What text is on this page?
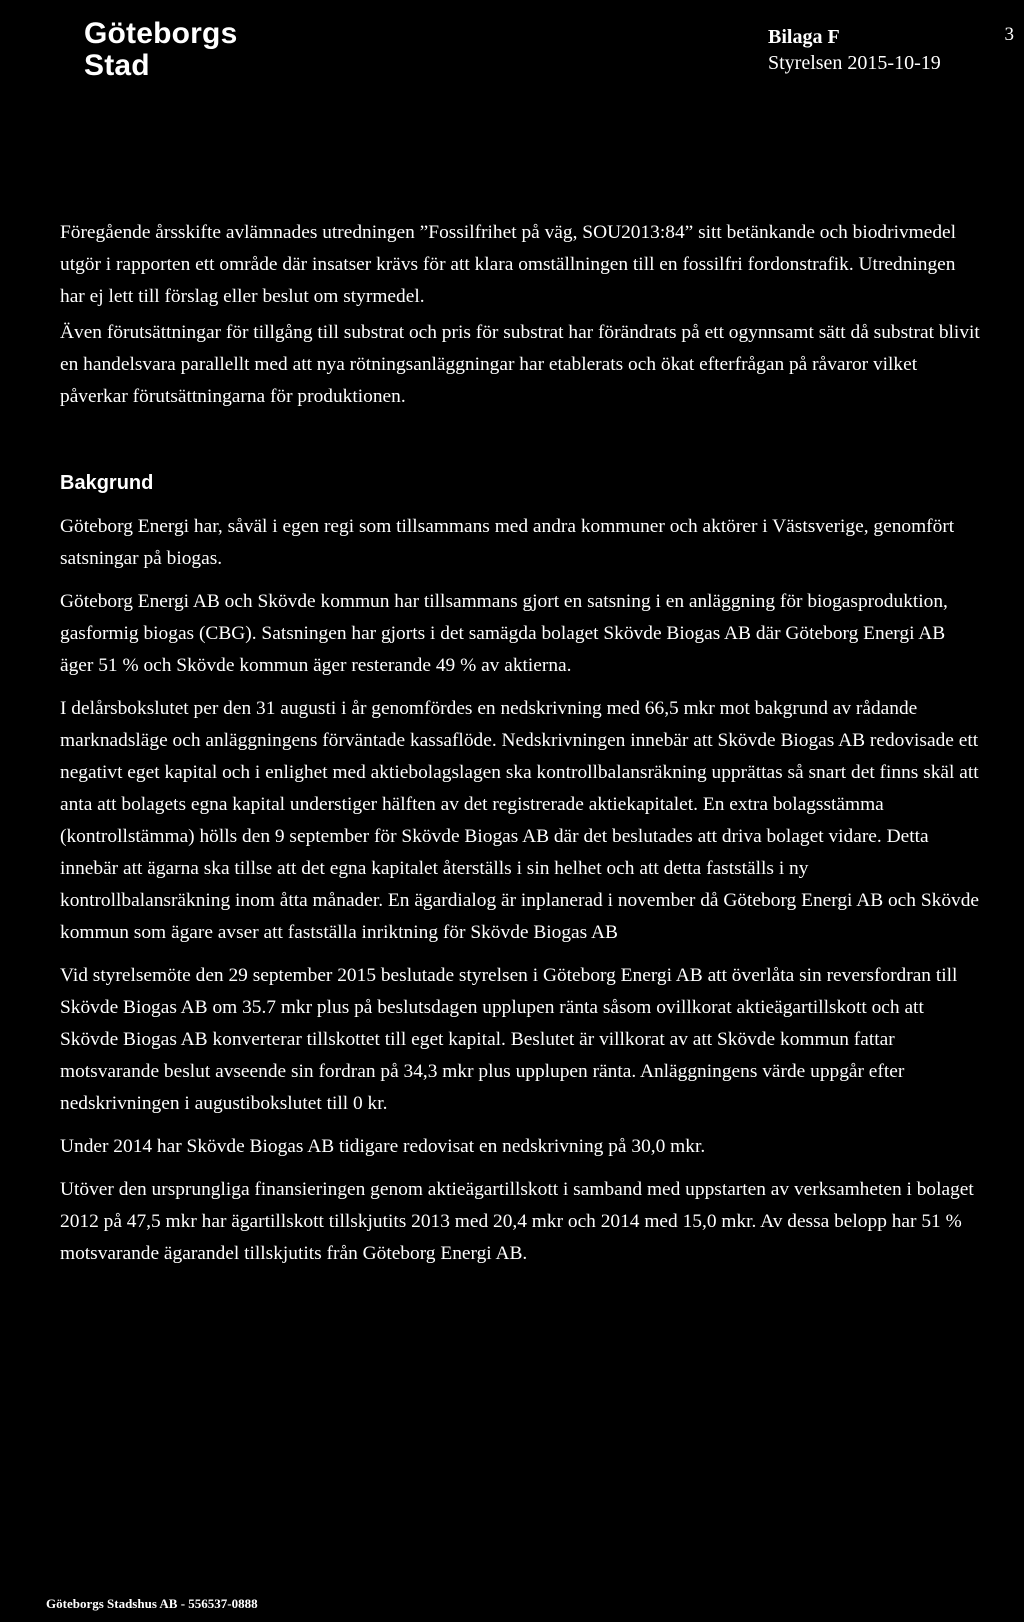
Göteborgs
Stad
Bilaga F
Styrelsen 2015-10-19
3

Föregående årsskifte avlämnades utredningen ”Fossilfrihet på väg, SOU2013:84” sitt betänkande och biodrivmedel utgör i rapporten ett område där insatser krävs för att klara omställningen till en fossilfri fordonstrafik. Utredningen har ej lett till förslag eller beslut om styrmedel.

Även förutsättningar för tillgång till substrat och pris för substrat har förändrats på ett ogynnsamt sätt då substrat blivit en handelsvara parallellt med att nya rötningsanläggningar har etablerats och ökat efterfrågan på råvaror vilket påverkar förutsättningarna för produktionen.

Bakgrund

Göteborg Energi har, såväl i egen regi som tillsammans med andra kommuner och aktörer i Västsverige, genomfört satsningar på biogas.

Göteborg Energi AB och Skövde kommun har tillsammans gjort en satsning i en anläggning för biogasproduktion, gasformig biogas (CBG). Satsningen har gjorts i det samägda bolaget Skövde Biogas AB där Göteborg Energi AB äger 51 % och Skövde kommun äger resterande 49 % av aktierna.

I delårsbokslutet per den 31 augusti i år genomfördes en nedskrivning med 66,5 mkr mot bakgrund av rådande marknadsläge och anläggningens förväntade kassaflöde. Nedskrivningen innebär att Skövde Biogas AB redovisade ett negativt eget kapital och i enlighet med aktiebolagslagen ska kontrollbalansräkning upprättas så snart det finns skäl att anta att bolagets egna kapital understiger hälften av det registrerade aktiekapitalet. En extra bolagsstämma (kontrollstämma) hölls den 9 september för Skövde Biogas AB där det beslutades att driva bolaget vidare. Detta innebär att ägarna ska tillse att det egna kapitalet återställs i sin helhet och att detta fastställs i ny kontrollbalansräkning inom åtta månader. En ägardialog är inplanerad i november då Göteborg Energi AB och Skövde kommun som ägare avser att fastställa inriktning för Skövde Biogas AB

Vid styrelsemöte den 29 september 2015 beslutade styrelsen i Göteborg Energi AB att överlåta sin reversfordran till Skövde Biogas AB om 35.7 mkr plus på beslutsdagen upplupen ränta såsom ovillkorat aktieägartillskott och att Skövde Biogas AB konverterar tillskottet till eget kapital. Beslutet är villkorat av att Skövde kommun fattar motsvarande beslut avseende sin fordran på 34,3 mkr plus upplupen ränta. Anläggningens värde uppgår efter nedskrivningen i augustibokslutet till 0 kr.

Under 2014 har Skövde Biogas AB tidigare redovisat en nedskrivning på 30,0 mkr.

Utöver den ursprungliga finansieringen genom aktieägartillskott i samband med uppstarten av verksamheten i bolaget 2012 på 47,5 mkr har ägartillskott tillskjutits 2013 med 20,4 mkr och 2014 med 15,0 mkr. Av dessa belopp har 51 % motsvarande ägarandel tillskjutits från Göteborg Energi AB.

Göteborgs Stadshus AB - 556537-0888
